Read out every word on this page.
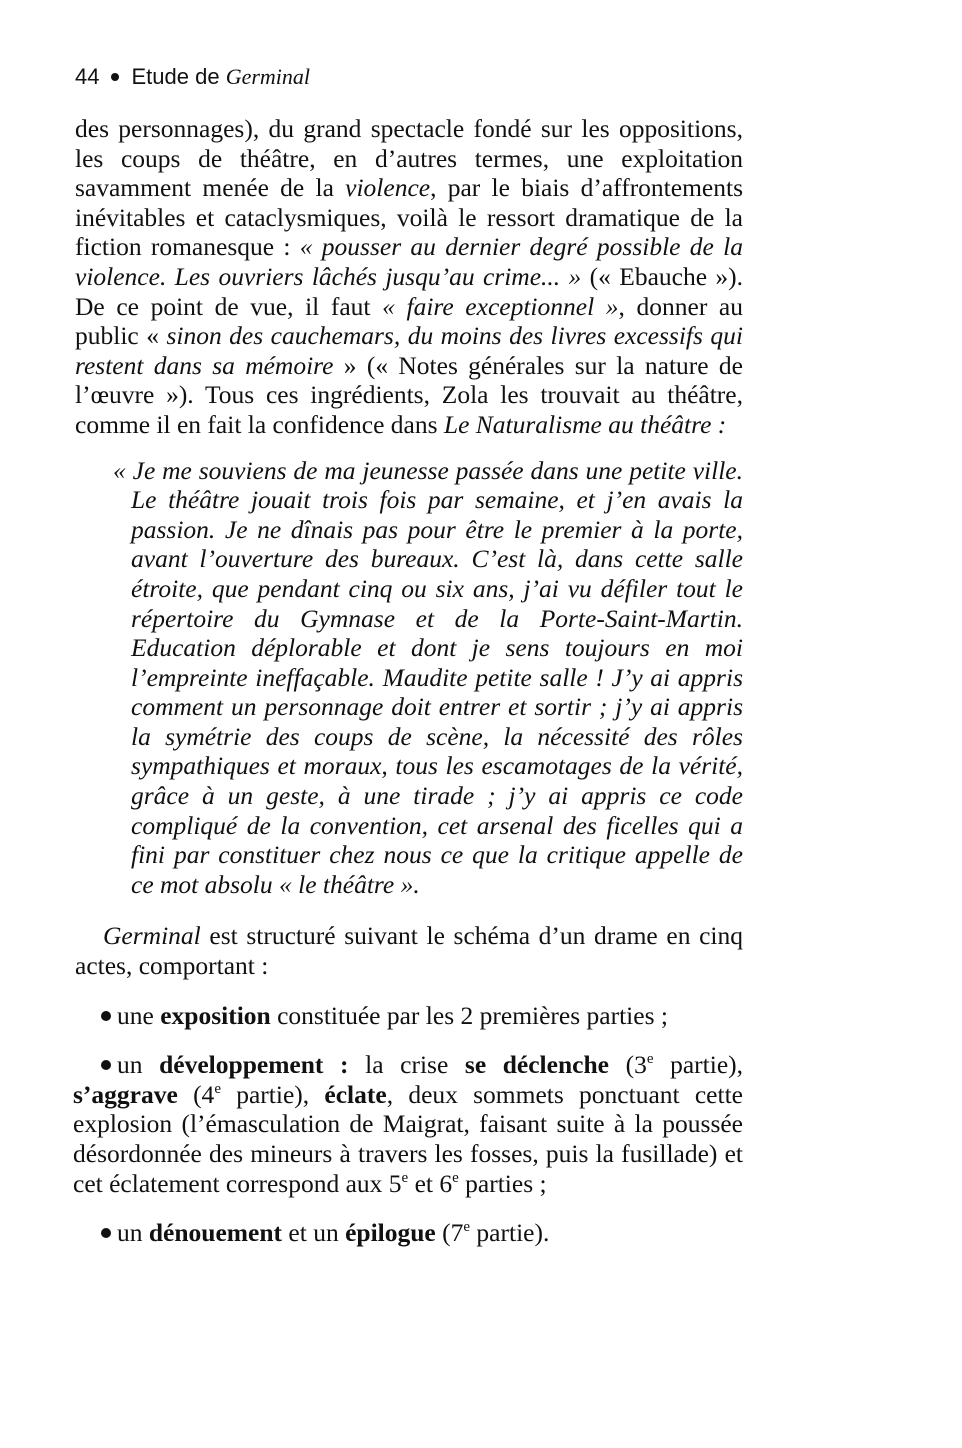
44 Etude de Germinal

des personnages), du grand spectacle fondé sur les oppositions, les coups de théâtre, en d’autres termes, une exploitation savamment menée de la violence, par le biais d’affrontements inévitables et cataclysmiques, voilà le ressort dramatique de la fiction romanesque : « pousser au dernier degré possible de la violence. Les ouvriers lâchés jusqu’au crime... » (« Ebauche »). De ce point de vue, il faut « faire exceptionnel », donner au public « sinon des cauchemars, du moins des livres excessifs qui restent dans sa mémoire » (« Notes générales sur la nature de l’œuvre »). Tous ces ingrédients, Zola les trouvait au théâtre, comme il en fait la confidence dans Le Naturalisme au théâtre :

« Je me souviens de ma jeunesse passée dans une petite ville. Le théâtre jouait trois fois par semaine, et j’en avais la passion. Je ne dînais pas pour être le premier à la porte, avant l’ouverture des bureaux. C’est là, dans cette salle étroite, que pendant cinq ou six ans, j’ai vu défiler tout le répertoire du Gymnase et de la Porte-Saint-Martin. Education déplorable et dont je sens toujours en moi l’empreinte ineffaçable. Maudite petite salle ! J’y ai appris comment un personnage doit entrer et sortir ; j’y ai appris la symétrie des coups de scène, la nécessité des rôles sympathiques et moraux, tous les escamotages de la vérité, grâce à un geste, à une tirade ; j’y ai appris ce code compliqué de la convention, cet arsenal des ficelles qui a fini par constituer chez nous ce que la critique appelle de ce mot absolu « le théâtre ».

Germinal est structuré suivant le schéma d’un drame en cinq actes, comportant :

une exposition constituée par les 2 premières parties ;

un développement : la crise se déclenche (3e partie), s’aggrave (4e partie), éclate, deux sommets ponctuant cette explosion (l’émasculation de Maigrat, faisant suite à la poussée désordonnée des mineurs à travers les fosses, puis la fusillade) et cet éclatement correspond aux 5e et 6e parties ;

un dénouement et un épilogue (7e partie).
